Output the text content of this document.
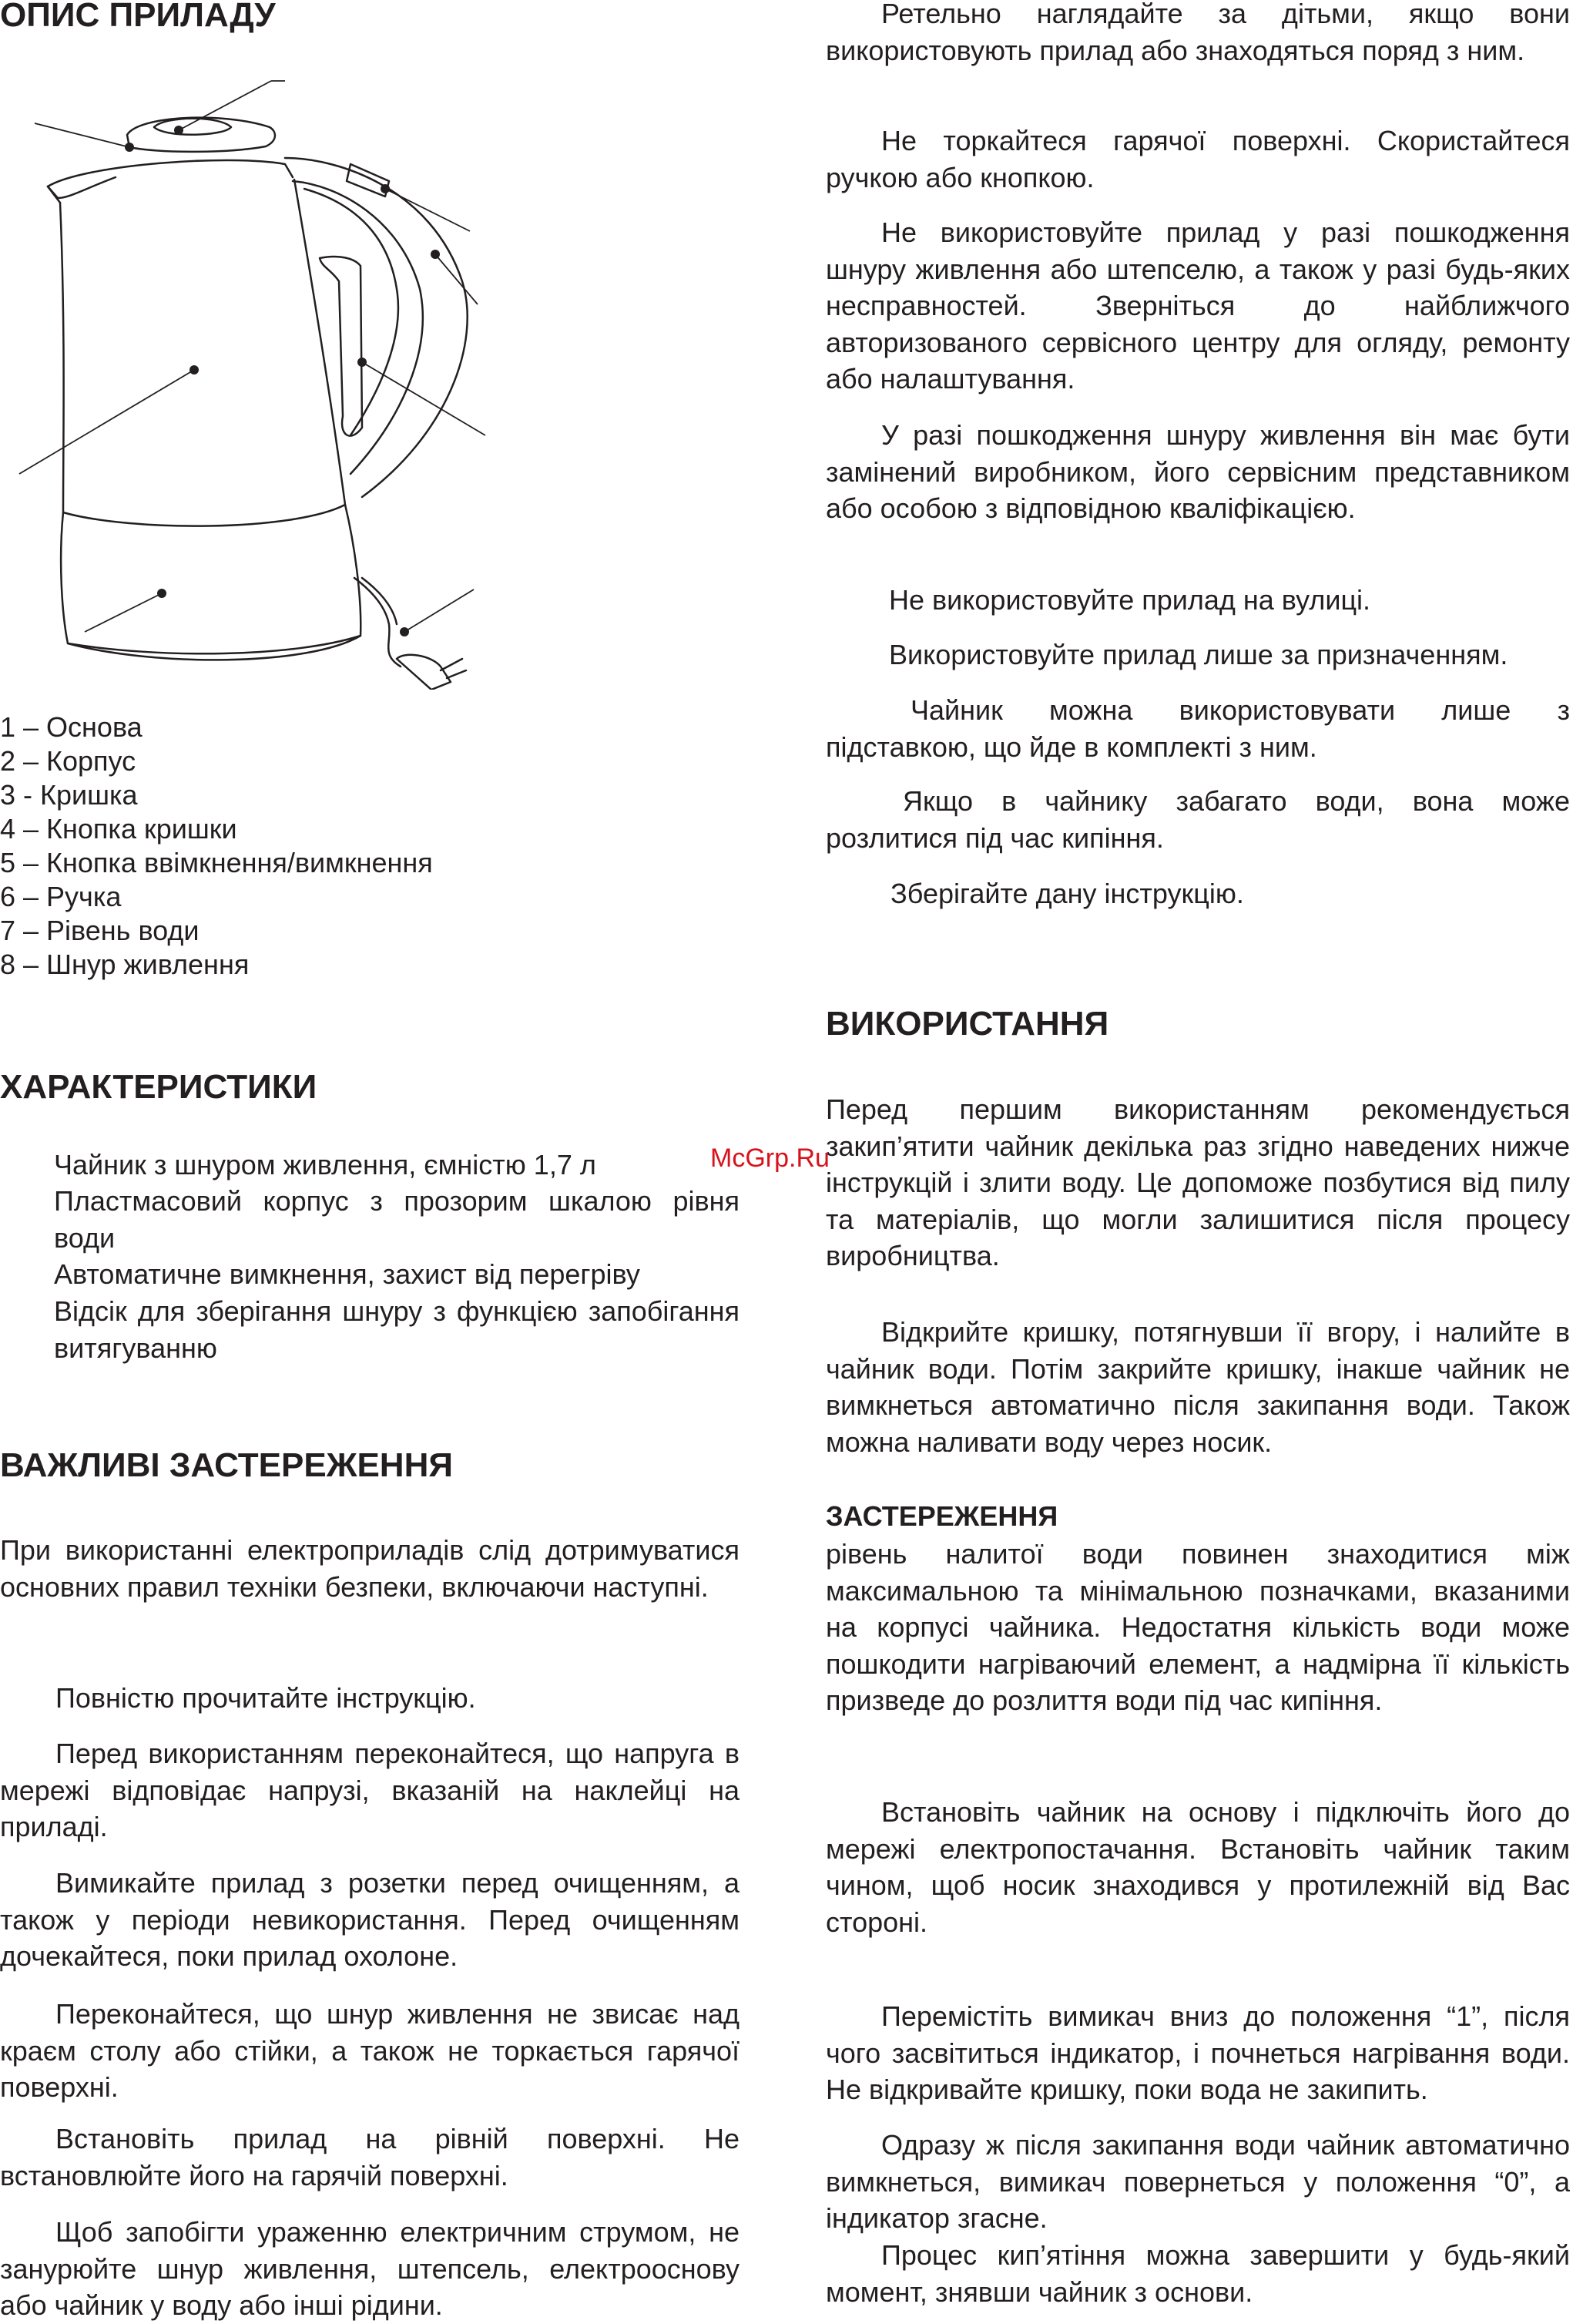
ОПИС ПРИЛАДУ
1 – Основа
2 – Корпус
3 - Кришка
4 – Кнопка кришки
5 – Кнопка ввімкнення/вимкнення
6 – Ручка
7 – Рівень води
8 – Шнур живлення
ХАРАКТЕРИСТИКИ

Чайник з шнуром живлення, ємністю 1,7 л

Пластмасовий корпус з прозорим шкалою рівня води

Автоматичне вимкнення, захист від перегріву

Відсік для зберігання шнуру з функцією запобігання витягуванню

ВАЖЛИВІ ЗАСТЕРЕЖЕННЯ

При використанні електроприладів слід дотримуватися основних правил техніки безпеки, включаючи наступні.

Повністю прочитайте інструкцію.

Перед використанням переконайтеся, що напруга в мережі відповідає напрузі, вказаній на наклейці на приладі.

Вимикайте прилад з розетки перед очищенням, а також у періоди невикористання. Перед очищенням дочекайтеся, поки прилад охолоне.

Переконайтеся, що шнур живлення не звисає над краєм столу або стійки, а також не торкається гарячої поверхні.

Встановіть прилад на рівній поверхні. Не встановлюйте його на гарячій поверхні.

Щоб запобігти ураженню електричним струмом, не занурюйте шнур живлення, штепсель, електрооснову або чайник у воду або інші рідини.

Ретельно наглядайте за дітьми, якщо вони використовують прилад або знаходяться поряд з ним.

Не торкайтеся гарячої поверхні. Скористайтеся ручкою або кнопкою.

Не використовуйте прилад у разі пошкодження шнуру живлення або штепселю, а також у разі будь-яких несправностей. Зверніться до найближчого авторизованого сервісного центру для огляду, ремонту або налаштування.

У разі пошкодження шнуру живлення він має бути замінений виробником, його сервісним представником або особою з відповідною кваліфікацією.

Не використовуйте прилад на вулиці.

Використовуйте прилад лише за призначенням.

Чайник можна використовувати лише з підставкою, що йде в комплекті з ним.

Якщо в чайнику забагато води, вона може розлитися під час кипіння.

Зберігайте дану інструкцію.

ВИКОРИСТАННЯ

Перед першим використанням рекомендується закип’ятити чайник декілька раз згідно наведених нижче інструкцій і злити воду. Це допоможе позбутися від пилу та матеріалів, що могли залишитися після процесу виробництва.

Відкрийте кришку, потягнувши її вгору, і налийте в чайник води. Потім закрийте кришку, інакше чайник не вимкнеться автоматично після закипання води. Також можна наливати воду через носик.

ЗАСТЕРЕЖЕННЯ

рівень налитої води повинен знаходитися між максимальною та мінімальною позначками, вказаними на корпусі чайника. Недостатня кількість води може пошкодити нагріваючий елемент, а надмірна її кількість призведе до розлиття води під час кипіння.

Встановіть чайник на основу і підключіть його до мережі електропостачання. Встановіть чайник таким чином, щоб носик знаходився у протилежній від Вас стороні.

Перемістіть вимикач вниз до положення “1”, після чого засвітиться індикатор, і почнеться нагрівання води. Не відкривайте кришку, поки вода не закипить.

Одразу ж після закипання води чайник автоматично вимкнеться, вимикач повернеться у положення “0”, а індикатор згасне.

Процес кип’ятіння можна завершити у будь-який момент, знявши чайник з основи.

McGrp.Ru
